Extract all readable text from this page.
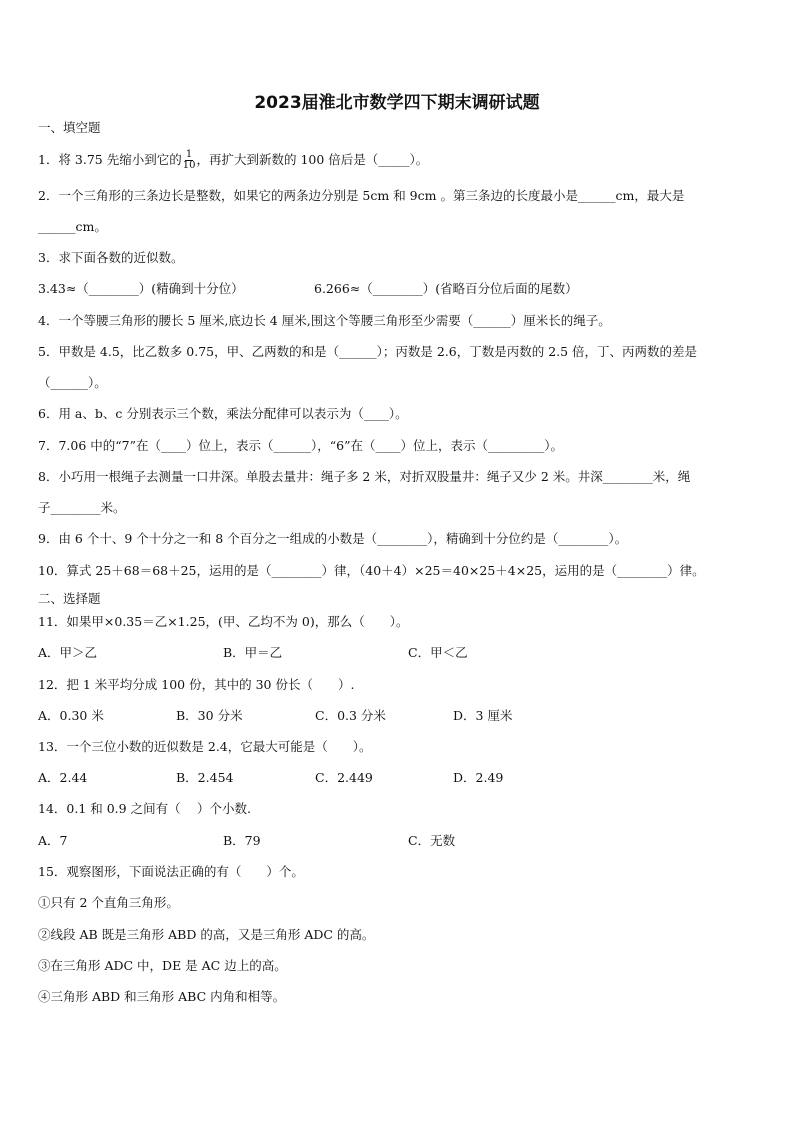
2023届淮北市数学四下期末调研试题
一、填空题
1．将 3.75 先缩小到它的 $\frac{1}{10}$ ，再扩大到新数的 100 倍后是（_____）。
2．一个三角形的三条边长是整数，如果它的两条边分别是 5cm 和 9cm 。第三条边的长度最小是______cm，最大是
______cm。
3．求下面各数的近似数。
3.43≈（________）(精确到十分位）	6.266≈（________）(省略百分位后面的尾数）
4．一个等腰三角形的腰长 5 厘米,底边长 4 厘米,围这个等腰三角形至少需要（______）厘米长的绳子。
5．甲数是 4.5，比乙数多 0.75，甲、乙两数的和是（______）；丙数是 2.6，丁数是丙数的 2.5 倍，丁、丙两数的差是
（______）。
6．用 a、b、c 分别表示三个数，乘法分配律可以表示为（____）。
7．7.06 中的“7”在（____）位上，表示（______），“6”在（____）位上，表示（_________）。
8．小巧用一根绳子去测量一口井深。单股去量井：绳子多 2 米，对折双股量井：绳子又少 2 米。井深________米，绳
子________米。
9．由 6 个十、9 个十分之一和 8 个百分之一组成的小数是（________），精确到十分位约是（________）。
10．算式 25＋68＝68＋25，运用的是（________）律，（40＋4）×25＝40×25＋4×25，运用的是（________）律。
二、选择题
11．如果甲×0.35＝乙×1.25，(甲、乙均不为 0)，那么（　　）。
A．甲＞乙	B．甲＝乙	C．甲＜乙
12．把 1 米平均分成 100 份，其中的 30 份长（　　）.
A．0.30 米	B．30 分米	C．0.3 分米	D．3 厘米
13．一个三位小数的近似数是 2.4，它最大可能是（　　）。
A．2.44	B．2.454	C．2.449	D．2.49
14．0.1 和 0.9 之间有（　 ）个小数.
A．7	B．79	C．无数
15．观察图形，下面说法正确的有（　　）个。
①只有 2 个直角三角形。
②线段 AB 既是三角形 ABD 的高，又是三角形 ADC 的高。
③在三角形 ADC 中，DE 是 AC 边上的高。
④三角形 ABD 和三角形 ABC 内角和相等。
